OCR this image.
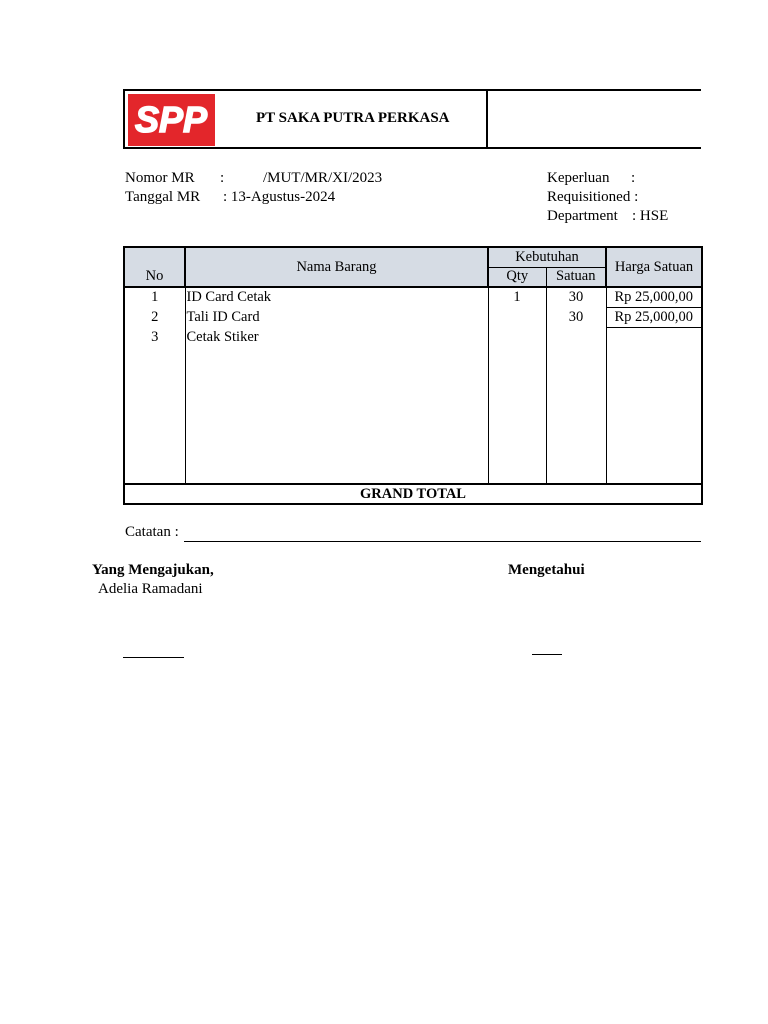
SPP	PT SAKA PUTRA PERKASA
Nomor MR :	/MUT/MR/XI/2023
Tanggal MR : 13-Agustus-2024
Keperluan :
Requisitioned :
Department : HSE
No	Nama Barang	Kebutuhan		Harga Satuan
		Qty	Satuan	
1	ID Card Cetak	1	30	Rp 25,000,00
2	Tali ID Card		30	Rp 25,000,00
3	Cetak Stiker			

GRAND TOTAL				
Catatan :
Yang Mengajukan,
Adelia Ramadani
Mengetahui
